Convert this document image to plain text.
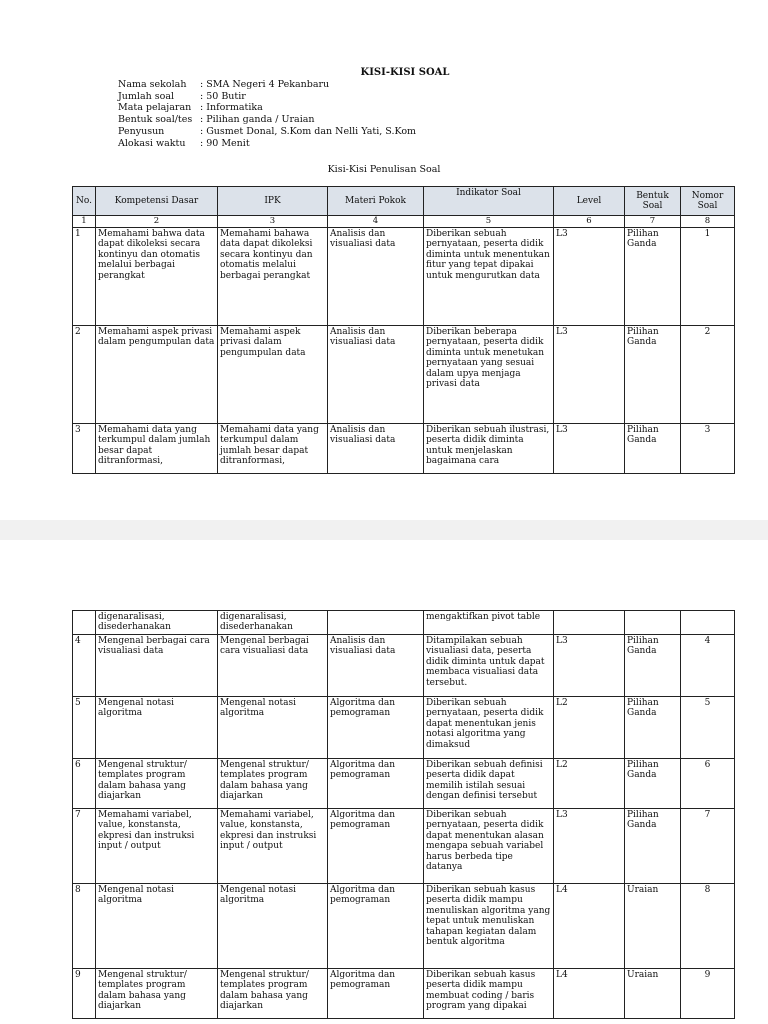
KISI-KISI SOAL
Nama sekolah	: SMA Negeri 4 Pekanbaru
Jumlah soal	: 50 Butir
Mata pelajaran : Informatika
Bentuk soal/tes : Pilihan ganda / Uraian
Penyusun	: Gusmet Donal, S.Kom dan Nelli Yati, S.Kom
Alokasi waktu	: 90 Menit
Kisi-Kisi Penulisan Soal
No.	Kompetensi Dasar	IPK	Materi Pokok	Indikator Soal	Level	Bentuk Soal	Nomor Soal
1	2	3	4	5	6	7	8
1	Memahami bahwa data dapat dikoleksi secara kontinyu dan otomatis melalui berbagai perangkat	Memahami bahawa data dapat dikoleksi secara kontinyu dan otomatis melalui berbagai perangkat	Analisis dan visualiasi data	Diberikan sebuah pernyataan, peserta didik diminta untuk menentukan fitur yang tepat dipakai untuk mengurutkan data	L3	Pilihan Ganda	1
2	Memahami aspek privasi dalam pengumpulan data	Memahami aspek privasi dalam pengumpulan data	Analisis dan visualiasi data	Diberikan beberapa pernyataan, peserta didik diminta untuk menetukan pernyataan yang sesuai dalam upya menjaga privasi data	L3	Pilihan Ganda	2
3	Memahami data yang terkumpul dalam jumlah besar dapat ditranformasi,	Memahami data yang terkumpul dalam jumlah besar dapat ditranformasi,	Analisis dan visualiasi data	Diberikan sebuah ilustrasi, peserta didik diminta untuk menjelaskan bagaimana cara	L3	Pilihan Ganda	3
	digenaralisasi, disederhanakan	digenaralisasi, disederhanakan		mengaktifkan pivot table			
4	Mengenal berbagai cara visualiasi data	Mengenal berbagai cara visualiasi data	Analisis dan visualiasi data	Ditampilakan sebuah visualiasi data, peserta didik diminta untuk dapat membaca visualiasi data tersebut.	L3	Pilihan Ganda	4
5	Mengenal notasi algoritma	Mengenal notasi algoritma	Algoritma dan pemograman	Diberikan sebuah pernyataan, peserta didik dapat menentukan jenis notasi algoritma yang dimaksud	L2	Pilihan Ganda	5
6	Mengenal struktur/ templates program dalam bahasa yang diajarkan	Mengenal struktur/ templates program dalam bahasa yang diajarkan	Algoritma dan pemograman	Diberikan sebuah definisi peserta didik dapat memilih istilah sesuai dengan definisi tersebut	L2	Pilihan Ganda	6
7	Memahami variabel, value, konstansta, ekpresi dan instruksi input / output	Memahami variabel, value, konstansta, ekpresi dan instruksi input / output	Algoritma dan pemograman	Diberikan sebuah pernyataan, peserta didik dapat menentukan alasan mengapa sebuah variabel harus berbeda tipe datanya	L3	Pilihan Ganda	7
8	Mengenal notasi algoritma	Mengenal notasi algoritma	Algoritma dan pemograman	Diberikan sebuah kasus peserta didik mampu menuliskan algoritma yang tepat untuk menuliskan tahapan kegiatan dalam bentuk algoritma	L4	Uraian	8
9	Mengenal struktur/ templates program dalam bahasa yang diajarkan	Mengenal struktur/ templates program dalam bahasa yang diajarkan	Algoritma dan pemograman	Diberikan sebuah kasus peserta didik mampu membuat coding / baris program yang dipakai	L4	Uraian	9
